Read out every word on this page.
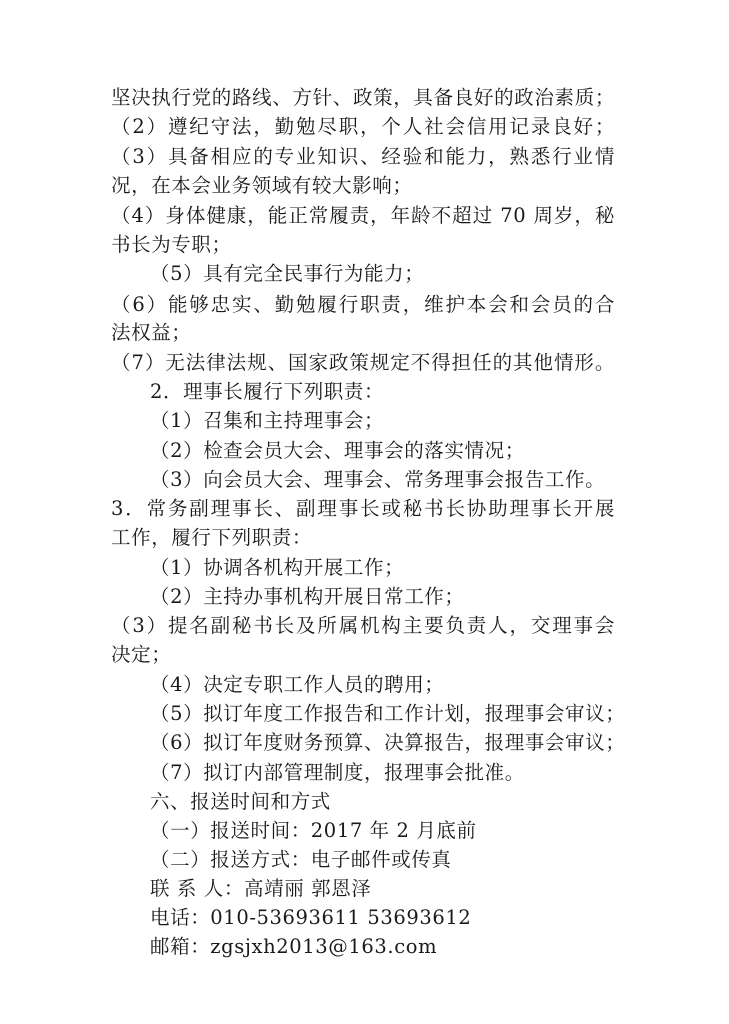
坚决执行党的路线、方针、政策，具备良好的政治素质；

（2）遵纪守法，勤勉尽职，个人社会信用记录良好；

（3）具备相应的专业知识、经验和能力，熟悉行业情

况，在本会业务领域有较大影响；

（4）身体健康，能正常履责，年龄不超过 70 周岁，秘

书长为专职；

（5）具有完全民事行为能力；

（6）能够忠实、勤勉履行职责，维护本会和会员的合

法权益；

（7）无法律法规、国家政策规定不得担任的其他情形。

2．理事长履行下列职责：

（1）召集和主持理事会；

（2）检查会员大会、理事会的落实情况；

（3）向会员大会、理事会、常务理事会报告工作。

3．常务副理事长、副理事长或秘书长协助理事长开展

工作，履行下列职责：

（1）协调各机构开展工作；

（2）主持办事机构开展日常工作；

（3）提名副秘书长及所属机构主要负责人，交理事会

决定；

（4）决定专职工作人员的聘用；

（5）拟订年度工作报告和工作计划，报理事会审议；

（6）拟订年度财务预算、决算报告，报理事会审议；

（7）拟订内部管理制度，报理事会批准。

六、报送时间和方式

（一）报送时间：2017 年 2 月底前

（二）报送方式：电子邮件或传真

联 系 人：高靖丽 郭恩泽

电话：010-53693611 53693612

邮箱：zgsjxh2013@163.com
